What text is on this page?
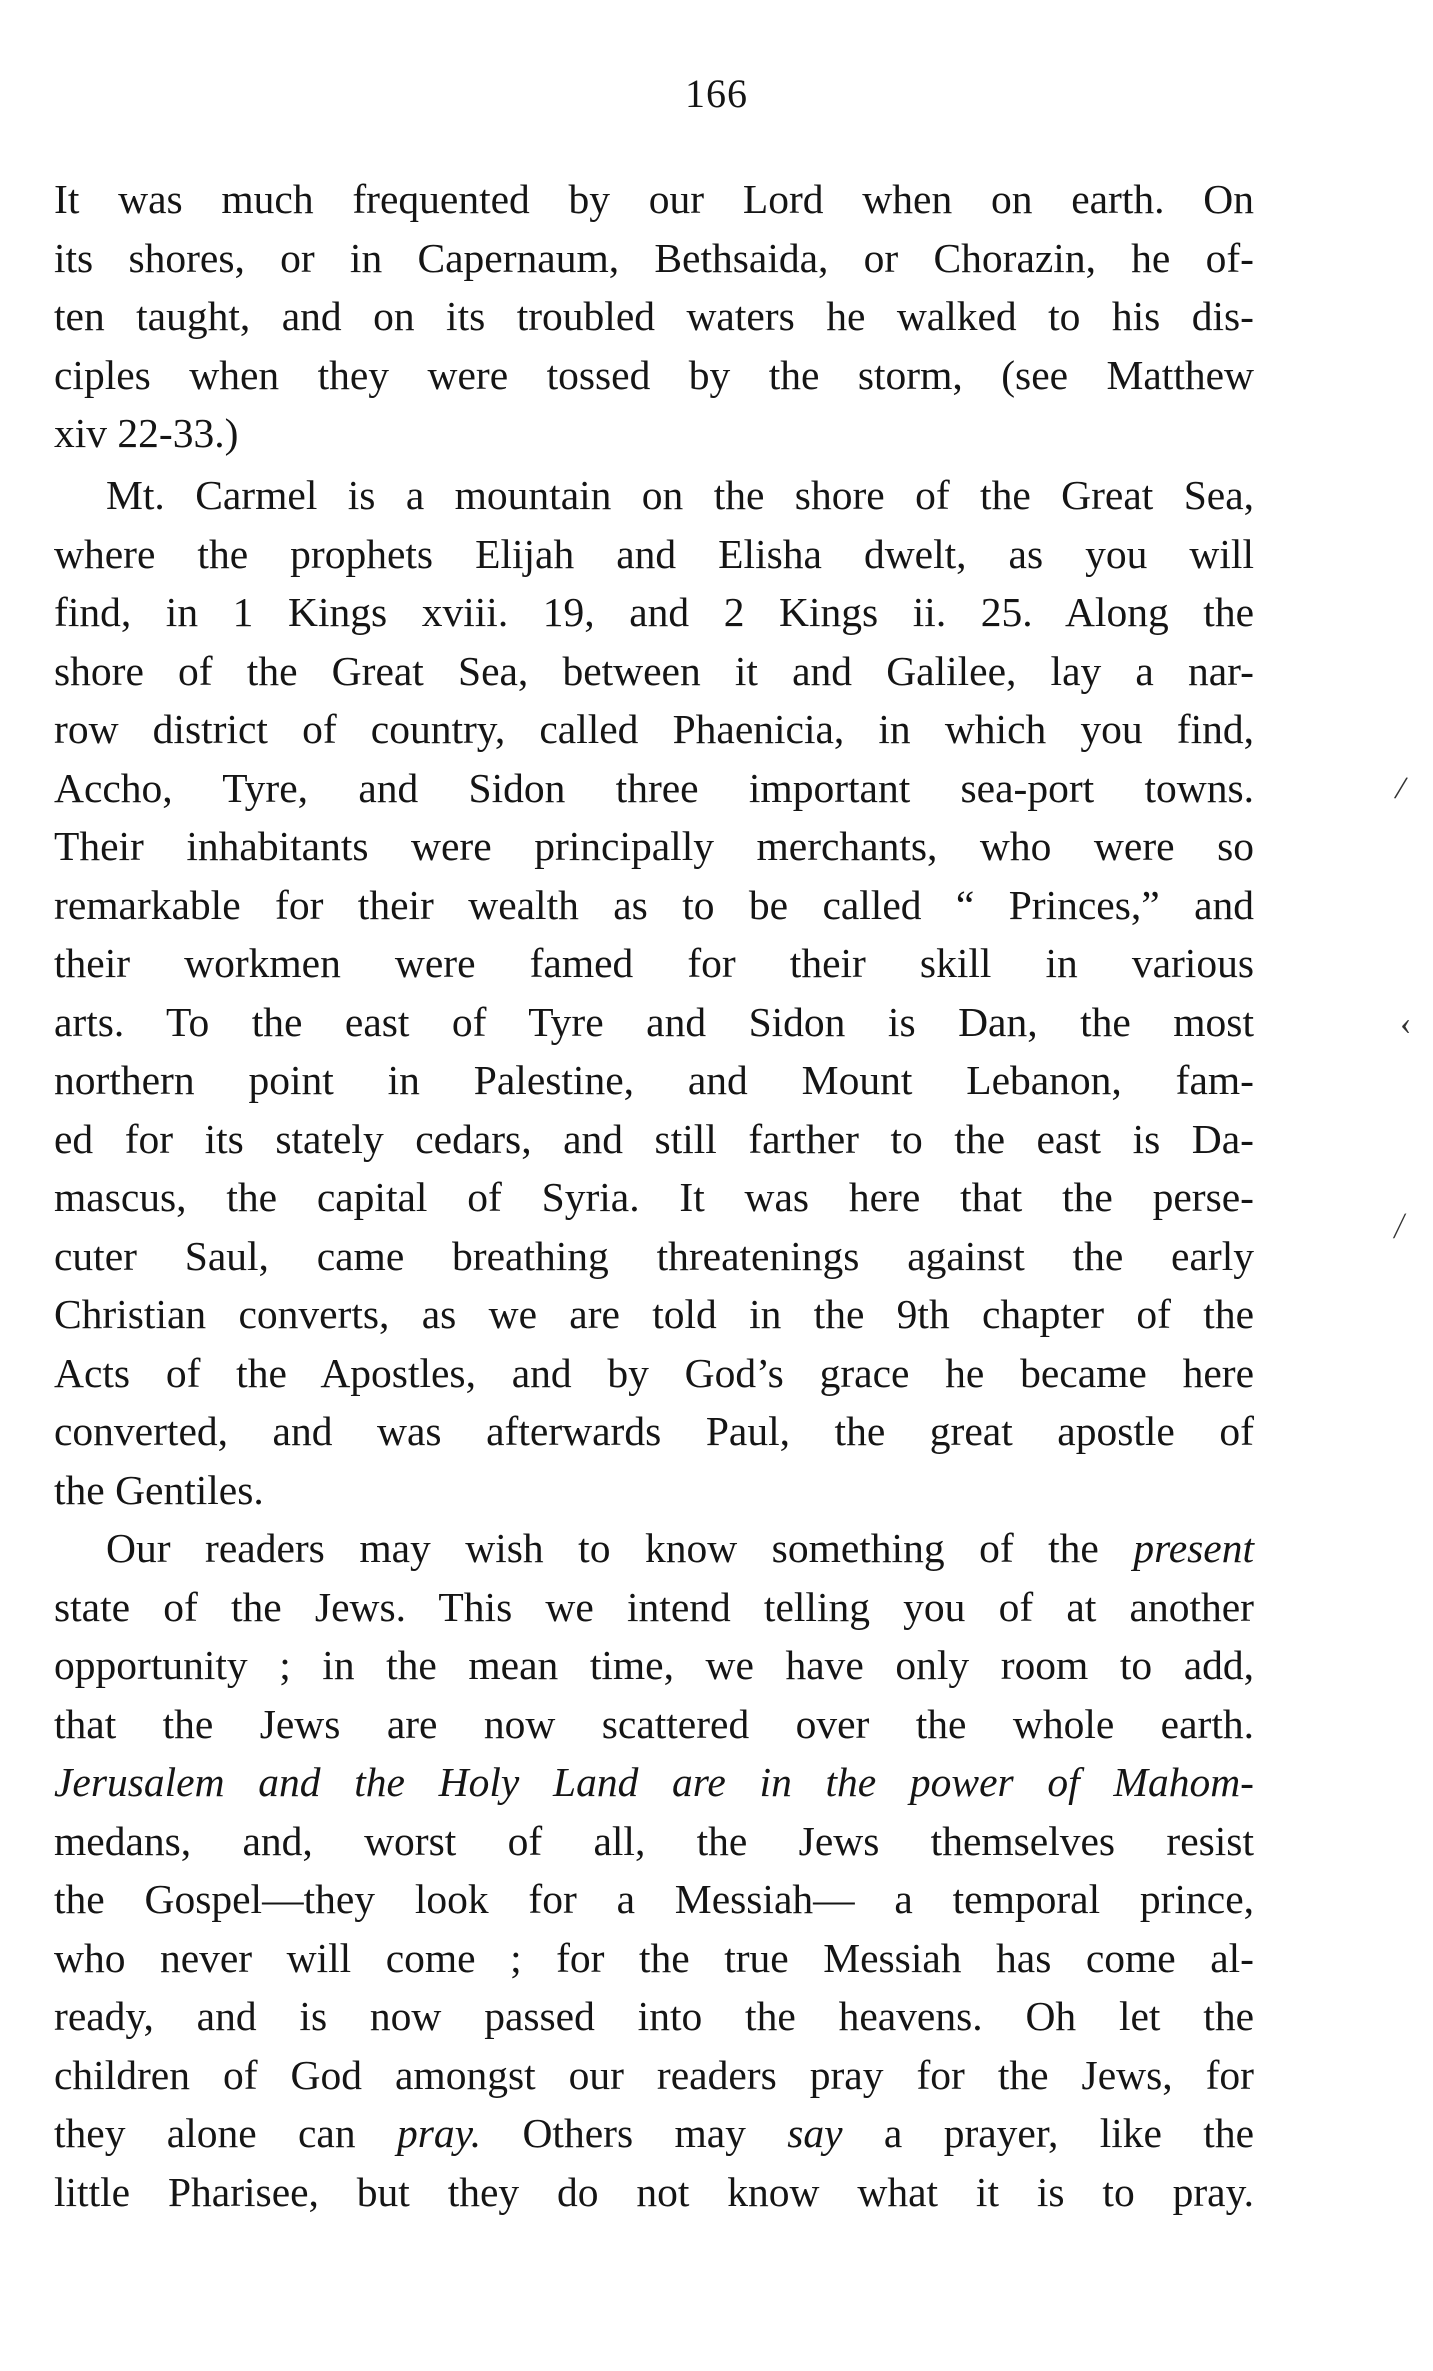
166
It was much frequented by our Lord when on earth. On
its shores, or in Capernaum, Bethsaida, or Chorazin, he of-
ten taught, and on its troubled waters he walked to his dis-
ciples when they were tossed by the storm, (see Matthew
xiv 22-33.)
Mt. Carmel is a mountain on the shore of the Great Sea,
where the prophets Elijah and Elisha dwelt, as you will
find, in 1 Kings xviii. 19, and 2 Kings ii. 25. Along the
shore of the Great Sea, between it and Galilee, lay a nar-
row district of country, called Phaenicia, in which you find,
Accho, Tyre, and Sidon three important sea-port towns.
Their inhabitants were principally merchants, who were so
remarkable for their wealth as to be called “ Princes,” and
their workmen were famed for their skill in various
arts. To the east of Tyre and Sidon is Dan, the most
northern point in Palestine, and Mount Lebanon, fam-
ed for its stately cedars, and still farther to the east is Da-
mascus, the capital of Syria. It was here that the perse-
cuter Saul, came breathing threatenings against the early
Christian converts, as we are told in the 9th chapter of the
Acts of the Apostles, and by God’s grace he became here
converted, and was afterwards Paul, the great apostle of
the Gentiles.
Our readers may wish to know something of the present
state of the Jews. This we intend telling you of at another
opportunity ; in the mean time, we have only room to add,
that the Jews are now scattered over the whole earth.
Jerusalem and the Holy Land are in the power of Mahom-
medans, and, worst of all, the Jews themselves resist
the Gospel—they look for a Messiah— a temporal prince,
who never will come ; for the true Messiah has come al-
ready, and is now passed into the heavens. Oh let the
children of God amongst our readers pray for the Jews, for
they alone can pray. Others may say a prayer, like the
little Pharisee, but they do not know what it is to pray.
/
‹
⁄
